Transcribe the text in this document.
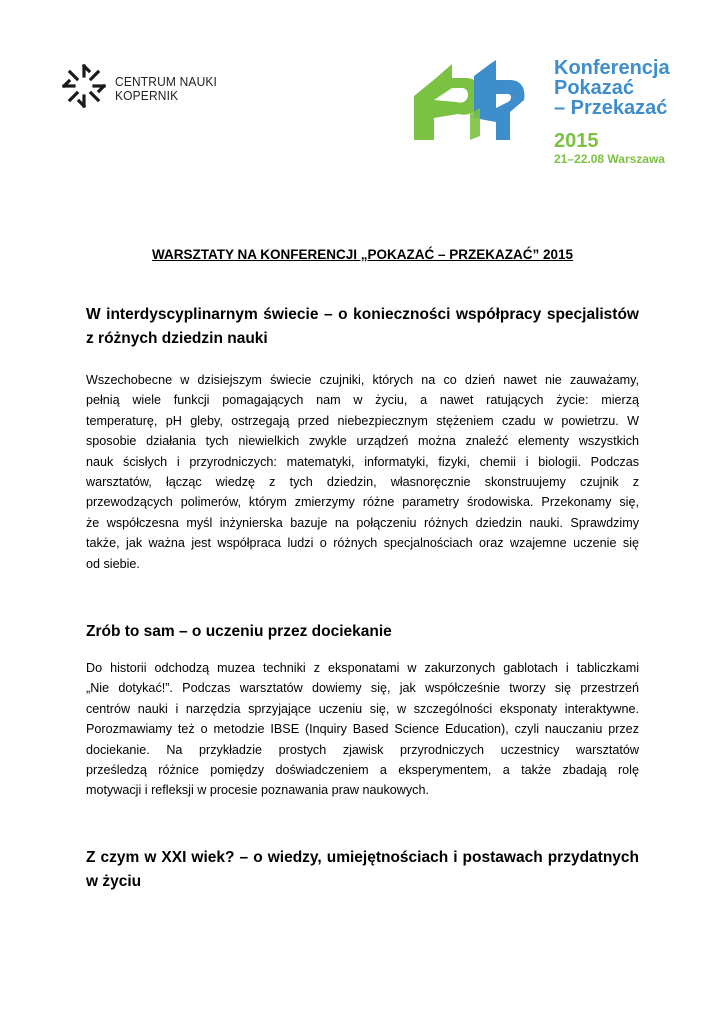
CENTRUM NAUKI
KOPERNIK
Konferencja
Pokazać
– Przekazać
2015
21–22.08 Warszawa
WARSZTATY NA KONFERENCJI „POKAZAĆ – PRZEKAZAĆ” 2015
W interdyscyplinarnym świecie – o konieczności współpracy specjalistów
z różnych dziedzin nauki
Wszechobecne w dzisiejszym świecie czujniki, których na co dzień nawet nie zauważamy,
pełnią wiele funkcji pomagających nam w życiu, a nawet ratujących życie: mierzą
temperaturę, pH gleby, ostrzegają przed niebezpiecznym stężeniem czadu w powietrzu. W
sposobie działania tych niewielkich zwykle urządzeń można znaleźć elementy wszystkich
nauk ścisłych i przyrodniczych: matematyki, informatyki, fizyki, chemii i biologii. Podczas
warsztatów, łącząc wiedzę z tych dziedzin, własnoręcznie skonstruujemy czujnik z
przewodzących polimerów, którym zmierzymy różne parametry środowiska. Przekonamy się,
że współczesna myśl inżynierska bazuje na połączeniu różnych dziedzin nauki. Sprawdzimy
także, jak ważna jest współpraca ludzi o różnych specjalnościach oraz wzajemne uczenie się
od siebie.
Zrób to sam – o uczeniu przez dociekanie
Do historii odchodzą muzea techniki z eksponatami w zakurzonych gablotach i tabliczkami
„Nie dotykać!”. Podczas warsztatów dowiemy się, jak współcześnie tworzy się przestrzeń
centrów nauki i narzędzia sprzyjające uczeniu się, w szczególności eksponaty interaktywne.
Porozmawiamy też o metodzie IBSE (Inquiry Based Science Education), czyli nauczaniu przez
dociekanie. Na przykładzie prostych zjawisk przyrodniczych uczestnicy warsztatów
prześledzą różnice pomiędzy doświadczeniem a eksperymentem, a także zbadają rolę
motywacji i refleksji w procesie poznawania praw naukowych.
Z czym w XXI wiek? – o wiedzy, umiejętnościach i postawach przydatnych
w życiu
